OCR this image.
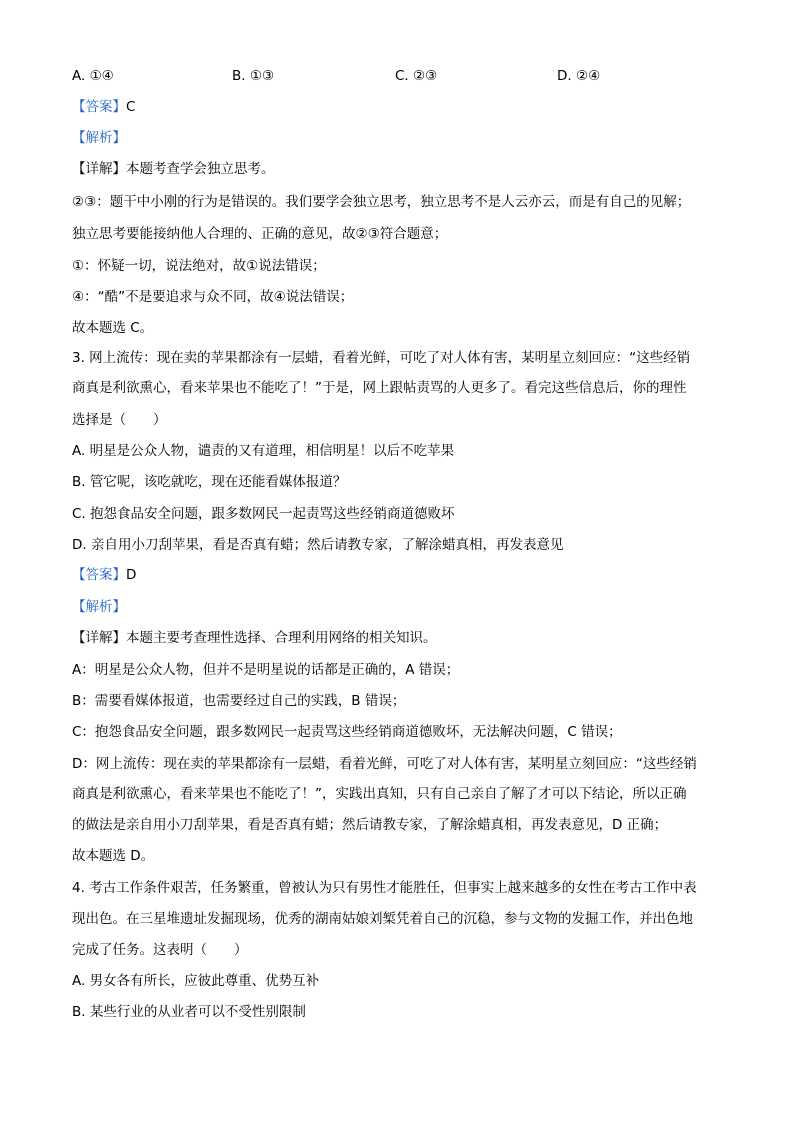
A. ①④	B. ①③	C. ②③	D. ②④
【答案】C
【解析】
【详解】本题考查学会独立思考。
②③：题干中小刚的行为是错误的。我们要学会独立思考，独立思考不是人云亦云，而是有自己的见解；
独立思考要能接纳他人合理的、正确的意见，故②③符合题意；
①：怀疑一切，说法绝对，故①说法错误；
④：“酷”不是要追求与众不同，故④说法错误；
故本题选 C。
3. 网上流传：现在卖的苹果都涂有一层蜡，看着光鲜，可吃了对人体有害，某明星立刻回应：“这些经销
商真是利欲熏心，看来苹果也不能吃了！”于是，网上跟帖责骂的人更多了。看完这些信息后，你的理性
选择是（　　）
A. 明星是公众人物，谴责的又有道理，相信明星！以后不吃苹果
B. 管它呢，该吃就吃，现在还能看媒体报道？
C. 抱怨食品安全问题，跟多数网民一起责骂这些经销商道德败坏
D. 亲自用小刀刮苹果，看是否真有蜡；然后请教专家，了解涂蜡真相，再发表意见
【答案】D
【解析】
【详解】本题主要考查理性选择、合理利用网络的相关知识。
A：明星是公众人物，但并不是明星说的话都是正确的，A 错误；
B：需要看媒体报道，也需要经过自己的实践，B 错误；
C：抱怨食品安全问题，跟多数网民一起责骂这些经销商道德败坏，无法解决问题，C 错误；
D：网上流传：现在卖的苹果都涂有一层蜡，看着光鲜，可吃了对人体有害，某明星立刻回应：“这些经销
商真是利欲熏心，看来苹果也不能吃了！”，实践出真知，只有自己亲自了解了才可以下结论，所以正确
的做法是亲自用小刀刮苹果，看是否真有蜡；然后请教专家，了解涂蜡真相，再发表意见，D 正确；
故本题选 D。
4. 考古工作条件艰苦，任务繁重，曾被认为只有男性才能胜任，但事实上越来越多的女性在考古工作中表
现出色。在三星堆遗址发掘现场，优秀的湖南姑娘刘椠凭着自己的沉稳，参与文物的发掘工作，并出色地
完成了任务。这表明（　　）
A. 男女各有所长，应彼此尊重、优势互补
B. 某些行业的从业者可以不受性别限制
